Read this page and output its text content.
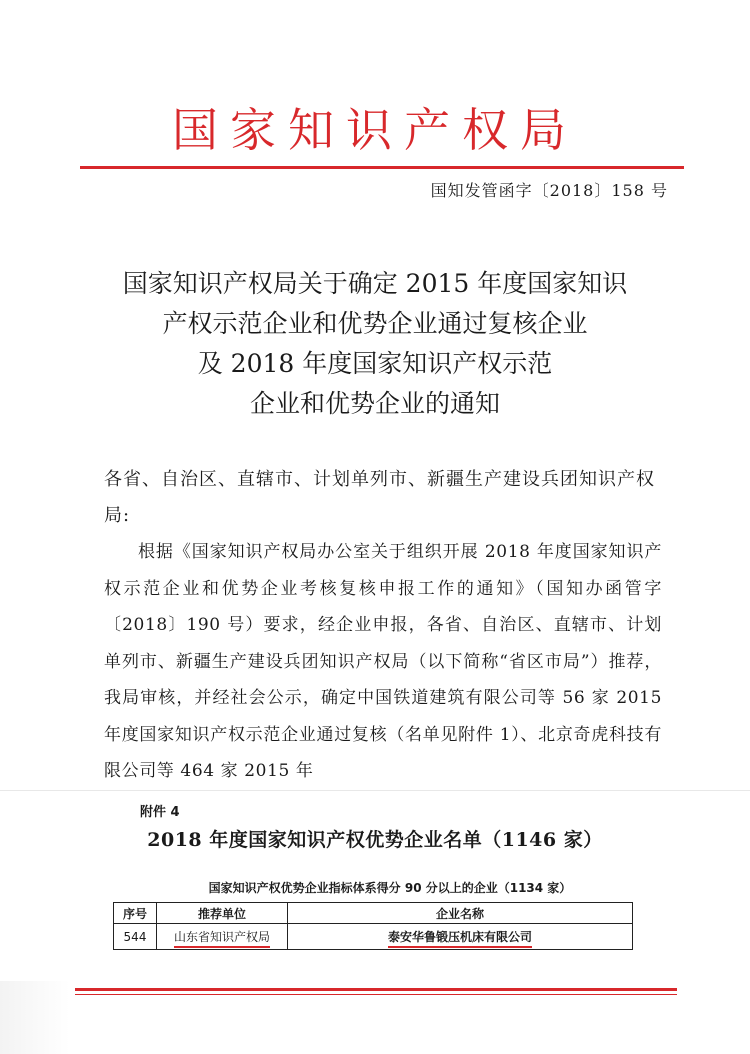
国家知识产权局
国知发管函字〔2018〕158 号
国家知识产权局关于确定 2015 年度国家知识
产权示范企业和优势企业通过复核企业
及 2018 年度国家知识产权示范
企业和优势企业的通知
各省、自治区、直辖市、计划单列市、新疆生产建设兵团知识产权局:
根据《国家知识产权局办公室关于组织开展 2018 年度国家知识产权示范企业和优势企业考核复核申报工作的通知》（国知办函管字〔2018〕190 号）要求，经企业申报，各省、自治区、直辖市、计划单列市、新疆生产建设兵团知识产权局（以下简称“省区市局”）推荐，我局审核，并经社会公示，确定中国铁道建筑有限公司等 56 家 2015 年度国家知识产权示范企业通过复核（名单见附件 1）、北京奇虎科技有限公司等 464 家 2015 年
附件 4
2018 年度国家知识产权优势企业名单（1146 家）
国家知识产权优势企业指标体系得分 90 分以上的企业（1134 家）
序号	推荐单位	企业名称
544	山东省知识产权局	泰安华鲁锻压机床有限公司
